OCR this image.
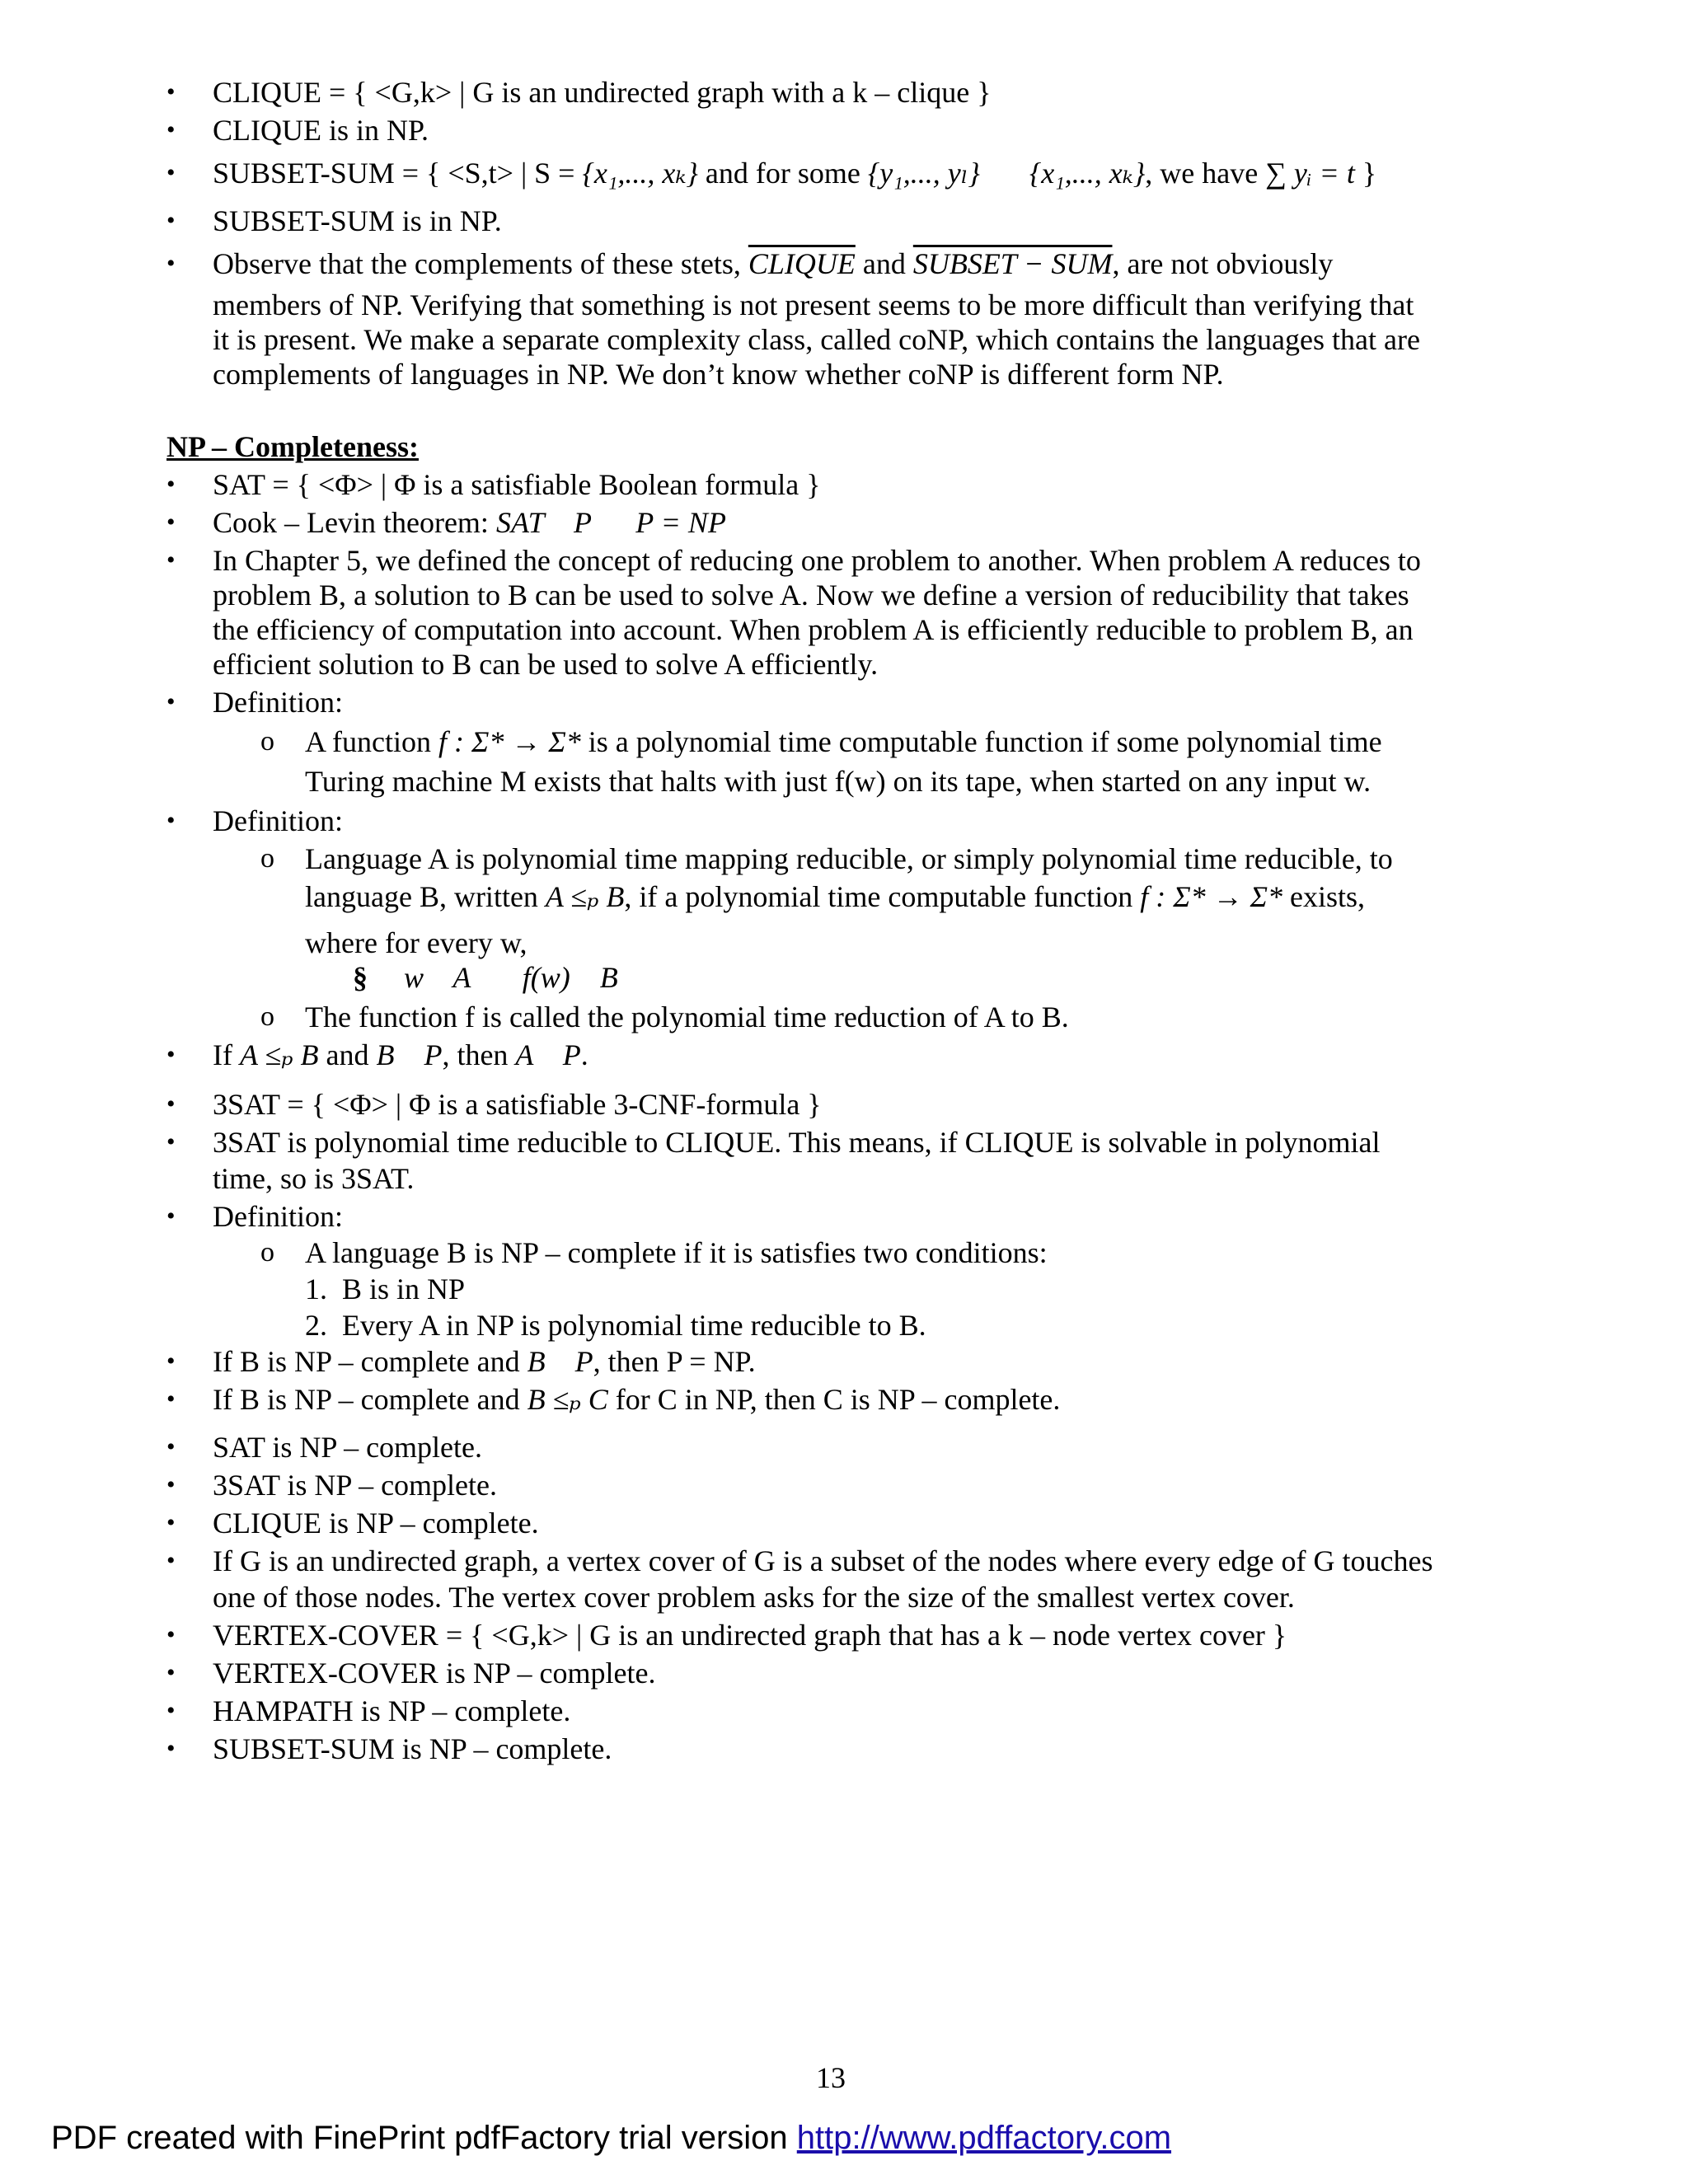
• CLIQUE = { <G,k> | G is an undirected graph with a k – clique }
• CLIQUE is in NP.
• SUBSET-SUM = { <S,t> | S = {x₁,..., xₖ} and for some {y₁,..., yₗ} {x₁,..., xₖ}, we have ∑ yᵢ = t }
• SUBSET-SUM is in NP.
• Observe that the complements of these stets, CLIQUE and SUBSET − SUM, are not obviously
members of NP. Verifying that something is not present seems to be more difficult than verifying that
it is present. We make a separate complexity class, called coNP, which contains the languages that are
complements of languages in NP. We don’t know whether coNP is different form NP.
NP – Completeness:
• SAT = { <Φ> | Φ is a satisfiable Boolean formula }
• Cook – Levin theorem: SAT    P      P = NP
• In Chapter 5, we defined the concept of reducing one problem to another. When problem A reduces to
problem B, a solution to B can be used to solve A. Now we define a version of reducibility that takes
the efficiency of computation into account. When problem A is efficiently reducible to problem B, an
efficient solution to B can be used to solve A efficiently.
• Definition:
o A function f : Σ* → Σ* is a polynomial time computable function if some polynomial time
Turing machine M exists that halts with just f(w) on its tape, when started on any input w.
• Definition:
o Language A is polynomial time mapping reducible, or simply polynomial time reducible, to
language B, written A ≤ₚ B, if a polynomial time computable function f : Σ* → Σ* exists,
where for every w,
§ w    A       f(w)    B
o The function f is called the polynomial time reduction of A to B.
• If A ≤ₚ B and B    P, then A    P.
• 3SAT = { <Φ> | Φ is a satisfiable 3-CNF-formula }
• 3SAT is polynomial time reducible to CLIQUE. This means, if CLIQUE is solvable in polynomial
time, so is 3SAT.
• Definition:
o A language B is NP – complete if it is satisfies two conditions:
1.  B is in NP
2.  Every A in NP is polynomial time reducible to B.
• If B is NP – complete and B    P, then P = NP.
• If B is NP – complete and B ≤ₚ C for C in NP, then C is NP – complete.
• SAT is NP – complete.
• 3SAT is NP – complete.
• CLIQUE is NP – complete.
• If G is an undirected graph, a vertex cover of G is a subset of the nodes where every edge of G touches
one of those nodes. The vertex cover problem asks for the size of the smallest vertex cover.
• VERTEX-COVER = { <G,k> | G is an undirected graph that has a k – node vertex cover }
• VERTEX-COVER is NP – complete.
• HAMPATH is NP – complete.
• SUBSET-SUM is NP – complete.
13
PDF created with FinePrint pdfFactory trial version http://www.pdffactory.com
